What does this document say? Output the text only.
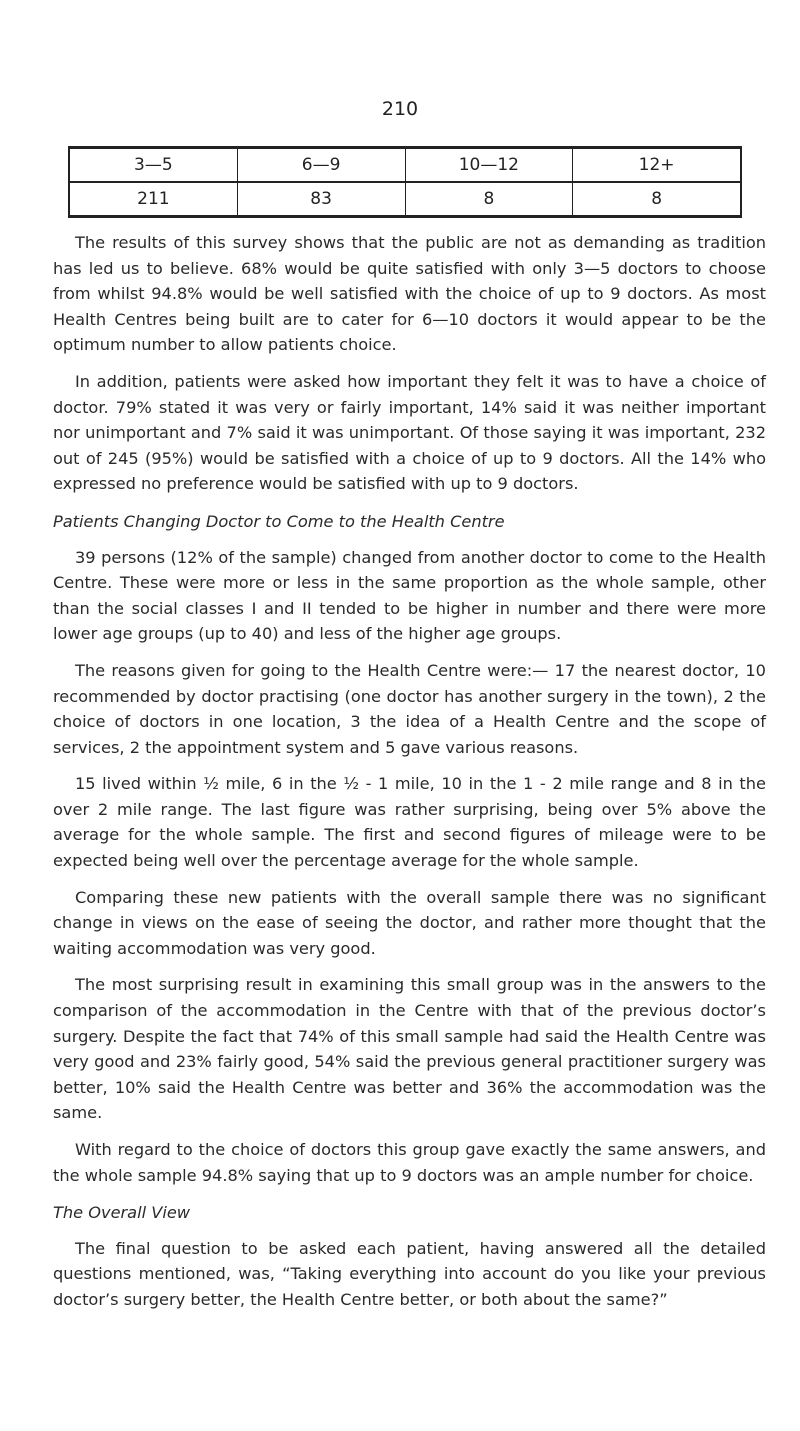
210
3—5	6—9	10—12	12+
211	83	8	8

The results of this survey shows that the public are not as demanding as tradition has led us to believe. 68% would be quite satisfied with only 3—5 doctors to choose from whilst 94.8% would be well satisfied with the choice of up to 9 doctors. As most Health Centres being built are to cater for 6—10 doctors it would appear to be the optimum number to allow patients choice.

In addition, patients were asked how important they felt it was to have a choice of doctor. 79% stated it was very or fairly important, 14% said it was neither important nor unimportant and 7% said it was unimportant. Of those saying it was important, 232 out of 245 (95%) would be satisfied with a choice of up to 9 doctors. All the 14% who expressed no preference would be satisfied with up to 9 doctors.

Patients Changing Doctor to Come to the Health Centre

39 persons (12% of the sample) changed from another doctor to come to the Health Centre. These were more or less in the same proportion as the whole sample, other than the social classes I and II tended to be higher in number and there were more lower age groups (up to 40) and less of the higher age groups.

The reasons given for going to the Health Centre were:— 17 the nearest doctor, 10 recommended by doctor practising (one doctor has another surgery in the town), 2 the choice of doctors in one location, 3 the idea of a Health Centre and the scope of services, 2 the appointment system and 5 gave various reasons.

15 lived within ½ mile, 6 in the ½ - 1 mile, 10 in the 1 - 2 mile range and 8 in the over 2 mile range. The last figure was rather surprising, being over 5% above the average for the whole sample. The first and second figures of mileage were to be expected being well over the percentage average for the whole sample.

Comparing these new patients with the overall sample there was no significant change in views on the ease of seeing the doctor, and rather more thought that the waiting accommodation was very good.

The most surprising result in examining this small group was in the answers to the comparison of the accommodation in the Centre with that of the previous doctor’s surgery. Despite the fact that 74% of this small sample had said the Health Centre was very good and 23% fairly good, 54% said the previous general practitioner surgery was better, 10% said the Health Centre was better and 36% the accommodation was the same.

With regard to the choice of doctors this group gave exactly the same answers, and the whole sample 94.8% saying that up to 9 doctors was an ample number for choice.

The Overall View

The final question to be asked each patient, having answered all the detailed questions mentioned, was, “Taking everything into account do you like your previous doctor’s surgery better, the Health Centre better, or both about the same?”
